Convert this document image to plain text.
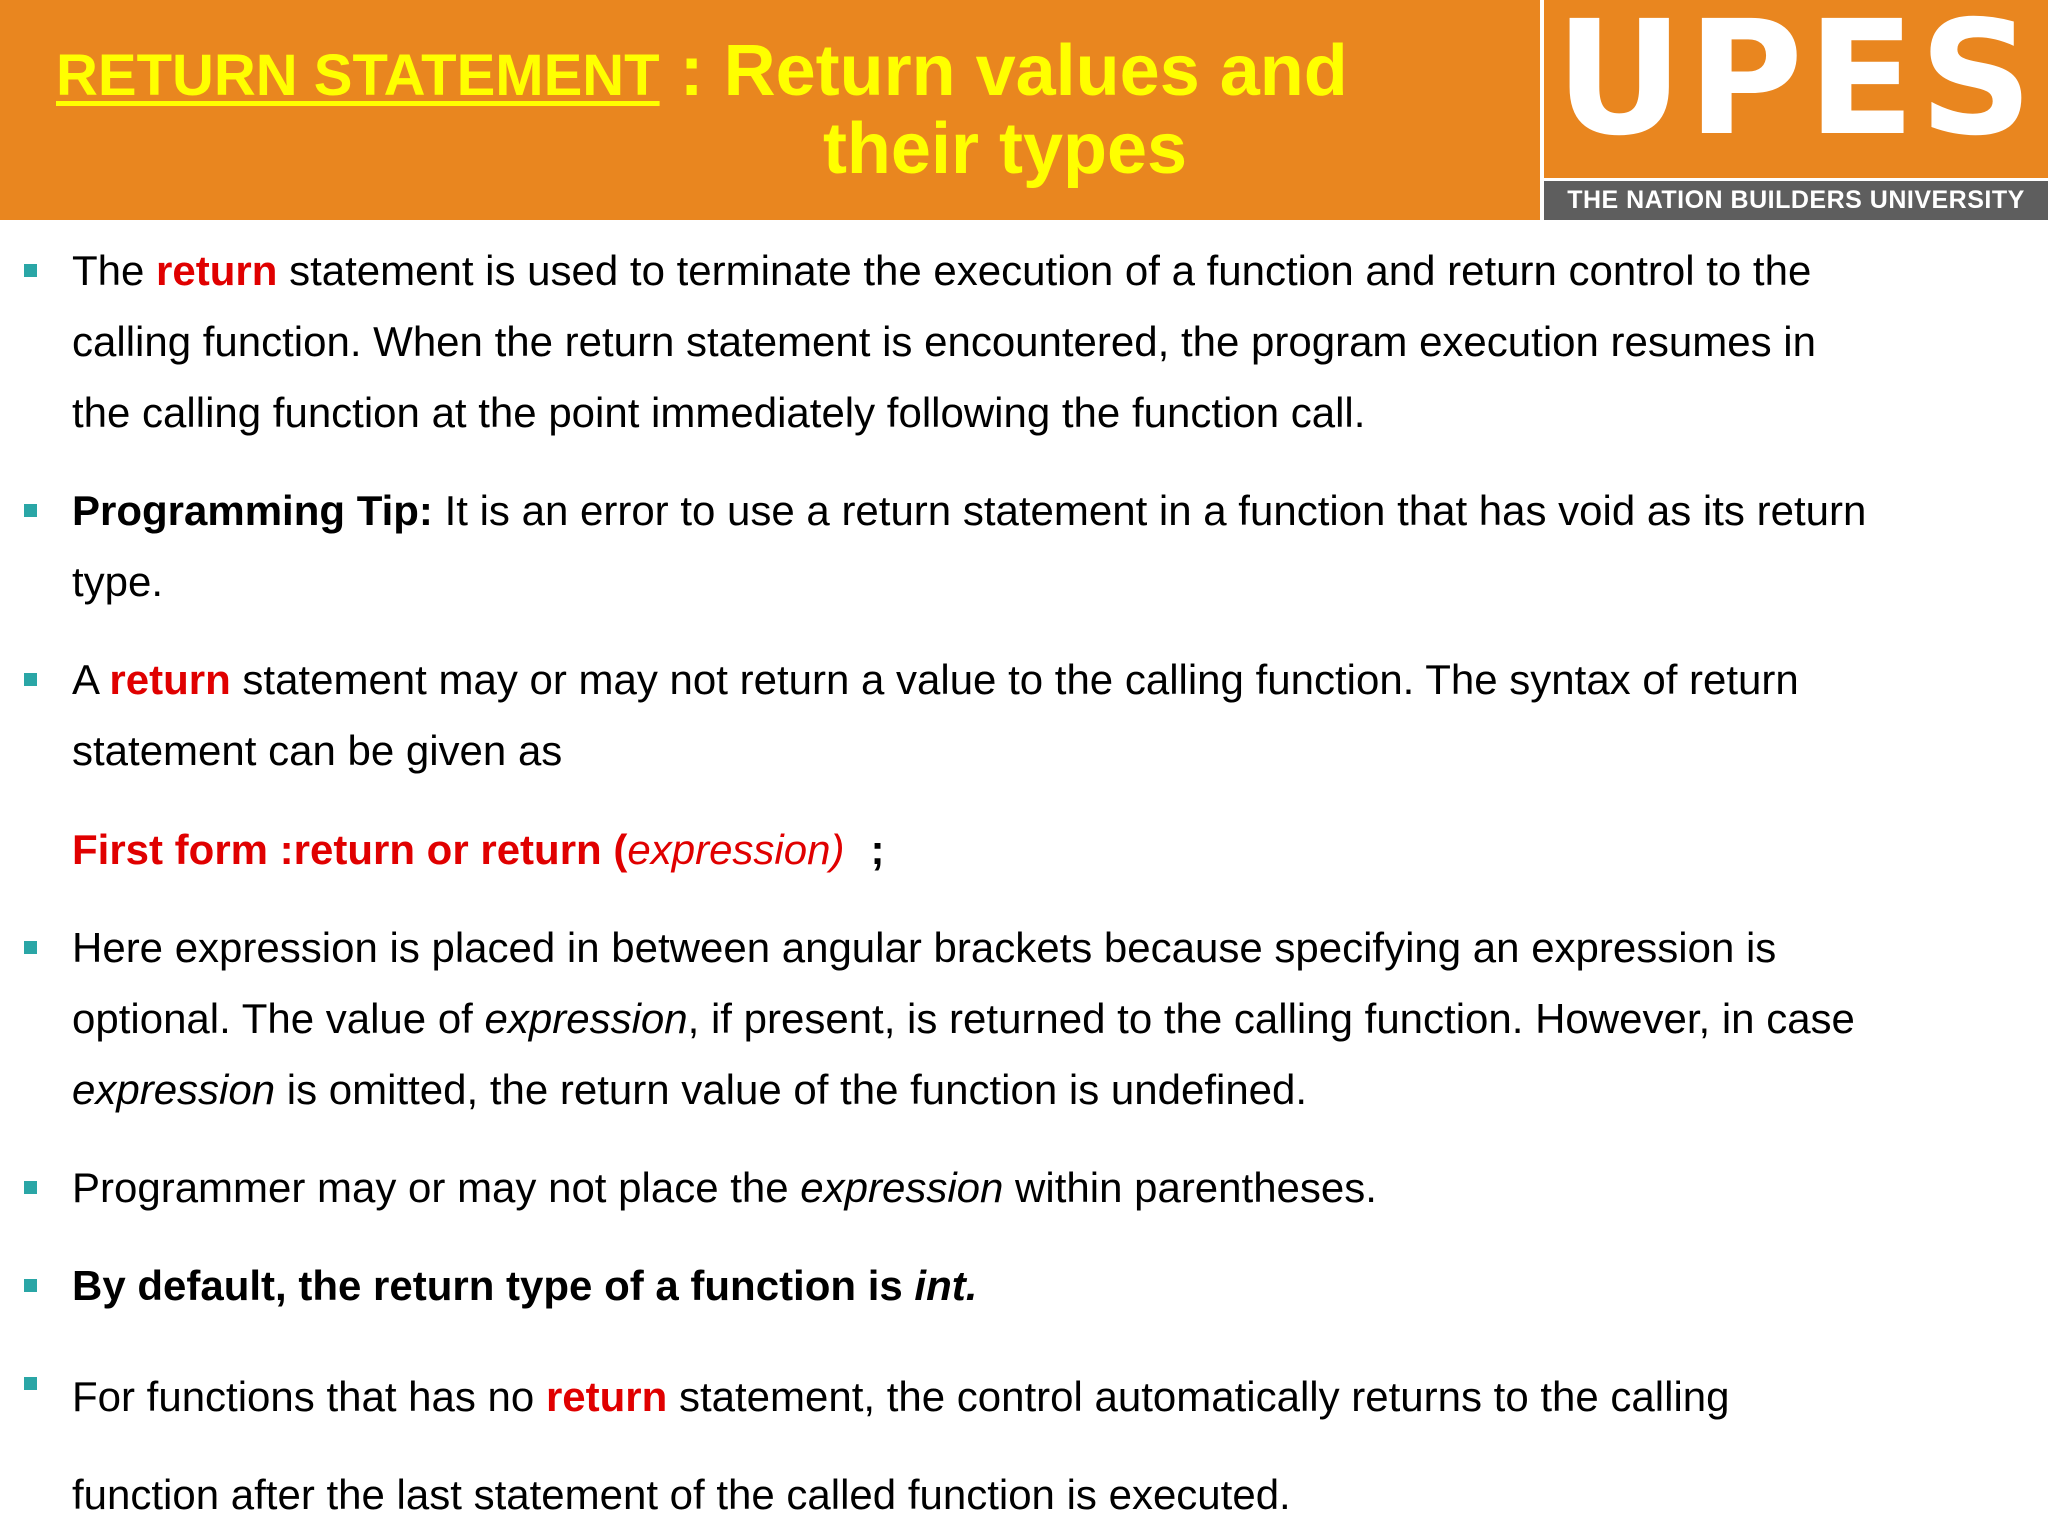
RETURN STATEMENT : Return values and
their types	UPES
THE NATION BUILDERS UNIVERSITY
The return statement is used to terminate the execution of a function and return control to the
calling function. When the return statement is encountered, the program execution resumes in
the calling function at the point immediately following the function call.
Programming Tip: It is an error to use a return statement in a function that has void as its return
type.
A return statement may or may not return a value to the calling function. The syntax of return
statement can be given as
First form :return or return (expression) ;
Here expression is placed in between angular brackets because specifying an expression is
optional. The value of expression, if present, is returned to the calling function. However, in case
expression is omitted, the return value of the function is undefined.
Programmer may or may not place the expression within parentheses.
By default, the return type of a function is int.
For functions that has no return statement, the control automatically returns to the calling
function after the last statement of the called function is executed.
